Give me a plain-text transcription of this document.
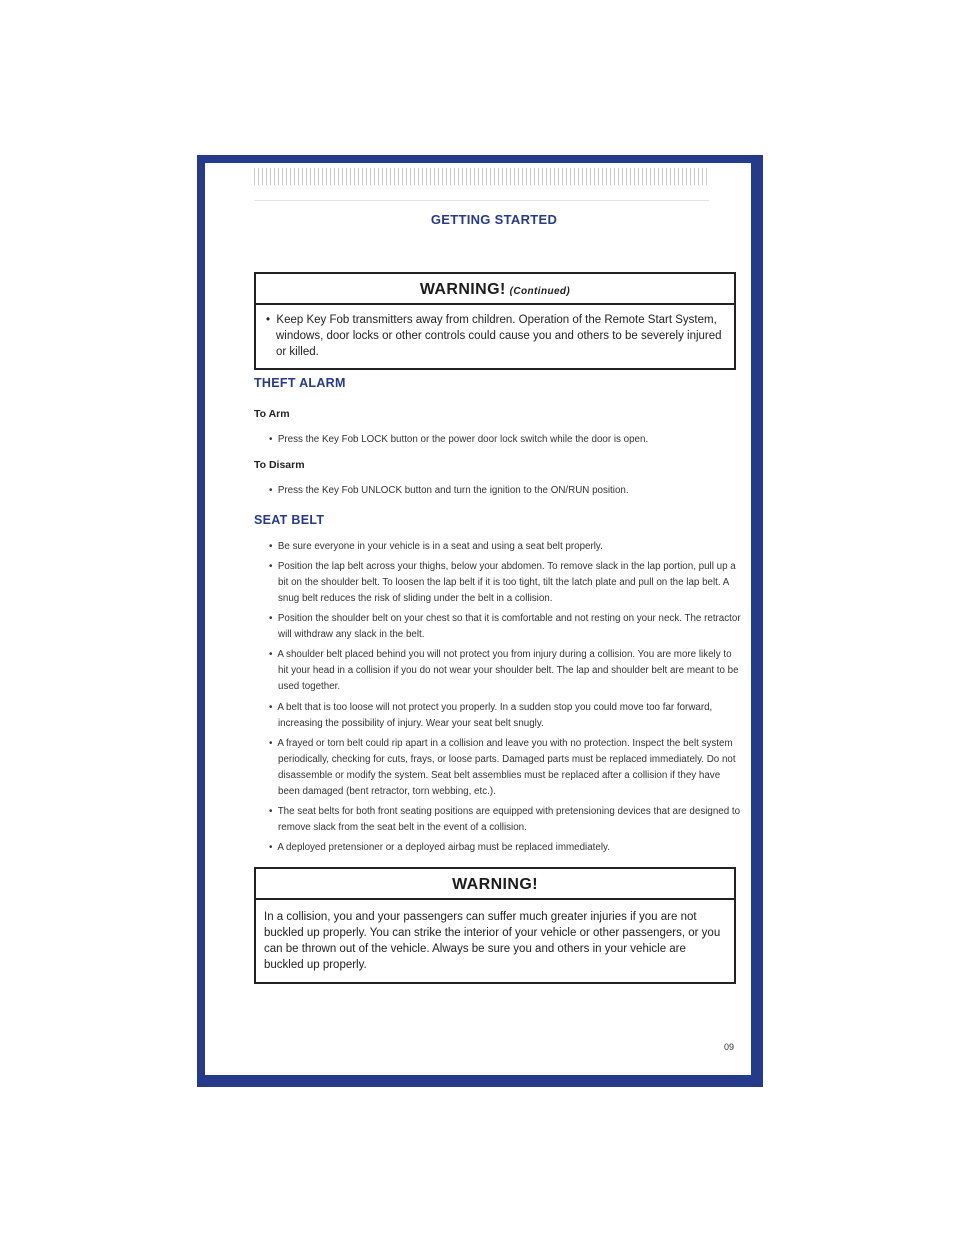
GETTING STARTED
WARNING! (Continued)
•  Keep Key Fob transmitters away from children. Operation of the Remote Start System, windows, door locks or other controls could cause you and others to be severely injured or killed.
THEFT ALARM
To Arm
•  Press the Key Fob LOCK button or the power door lock switch while the door is open.
To Disarm
•  Press the Key Fob UNLOCK button and turn the ignition to the ON/RUN position.
SEAT BELT
•  Be sure everyone in your vehicle is in a seat and using a seat belt properly.
•  Position the lap belt across your thighs, below your abdomen. To remove slack in the lap portion, pull up a bit on the shoulder belt. To loosen the lap belt if it is too tight, tilt the latch plate and pull on the lap belt. A snug belt reduces the risk of sliding under the belt in a collision.
•  Position the shoulder belt on your chest so that it is comfortable and not resting on your neck. The retractor will withdraw any slack in the belt.
•  A shoulder belt placed behind you will not protect you from injury during a collision. You are more likely to hit your head in a collision if you do not wear your shoulder belt. The lap and shoulder belt are meant to be used together.
•  A belt that is too loose will not protect you properly. In a sudden stop you could move too far forward, increasing the possibility of injury. Wear your seat belt snugly.
•  A frayed or torn belt could rip apart in a collision and leave you with no protection. Inspect the belt system periodically, checking for cuts, frays, or loose parts. Damaged parts must be replaced immediately. Do not disassemble or modify the system. Seat belt assemblies must be replaced after a collision if they have been damaged (bent retractor, torn webbing, etc.).
•  The seat belts for both front seating positions are equipped with pretensioning devices that are designed to remove slack from the seat belt in the event of a collision.
•  A deployed pretensioner or a deployed airbag must be replaced immediately.
WARNING!
In a collision, you and your passengers can suffer much greater injuries if you are not buckled up properly. You can strike the interior of your vehicle or other passengers, or you can be thrown out of the vehicle. Always be sure you and others in your vehicle are buckled up properly.
09
